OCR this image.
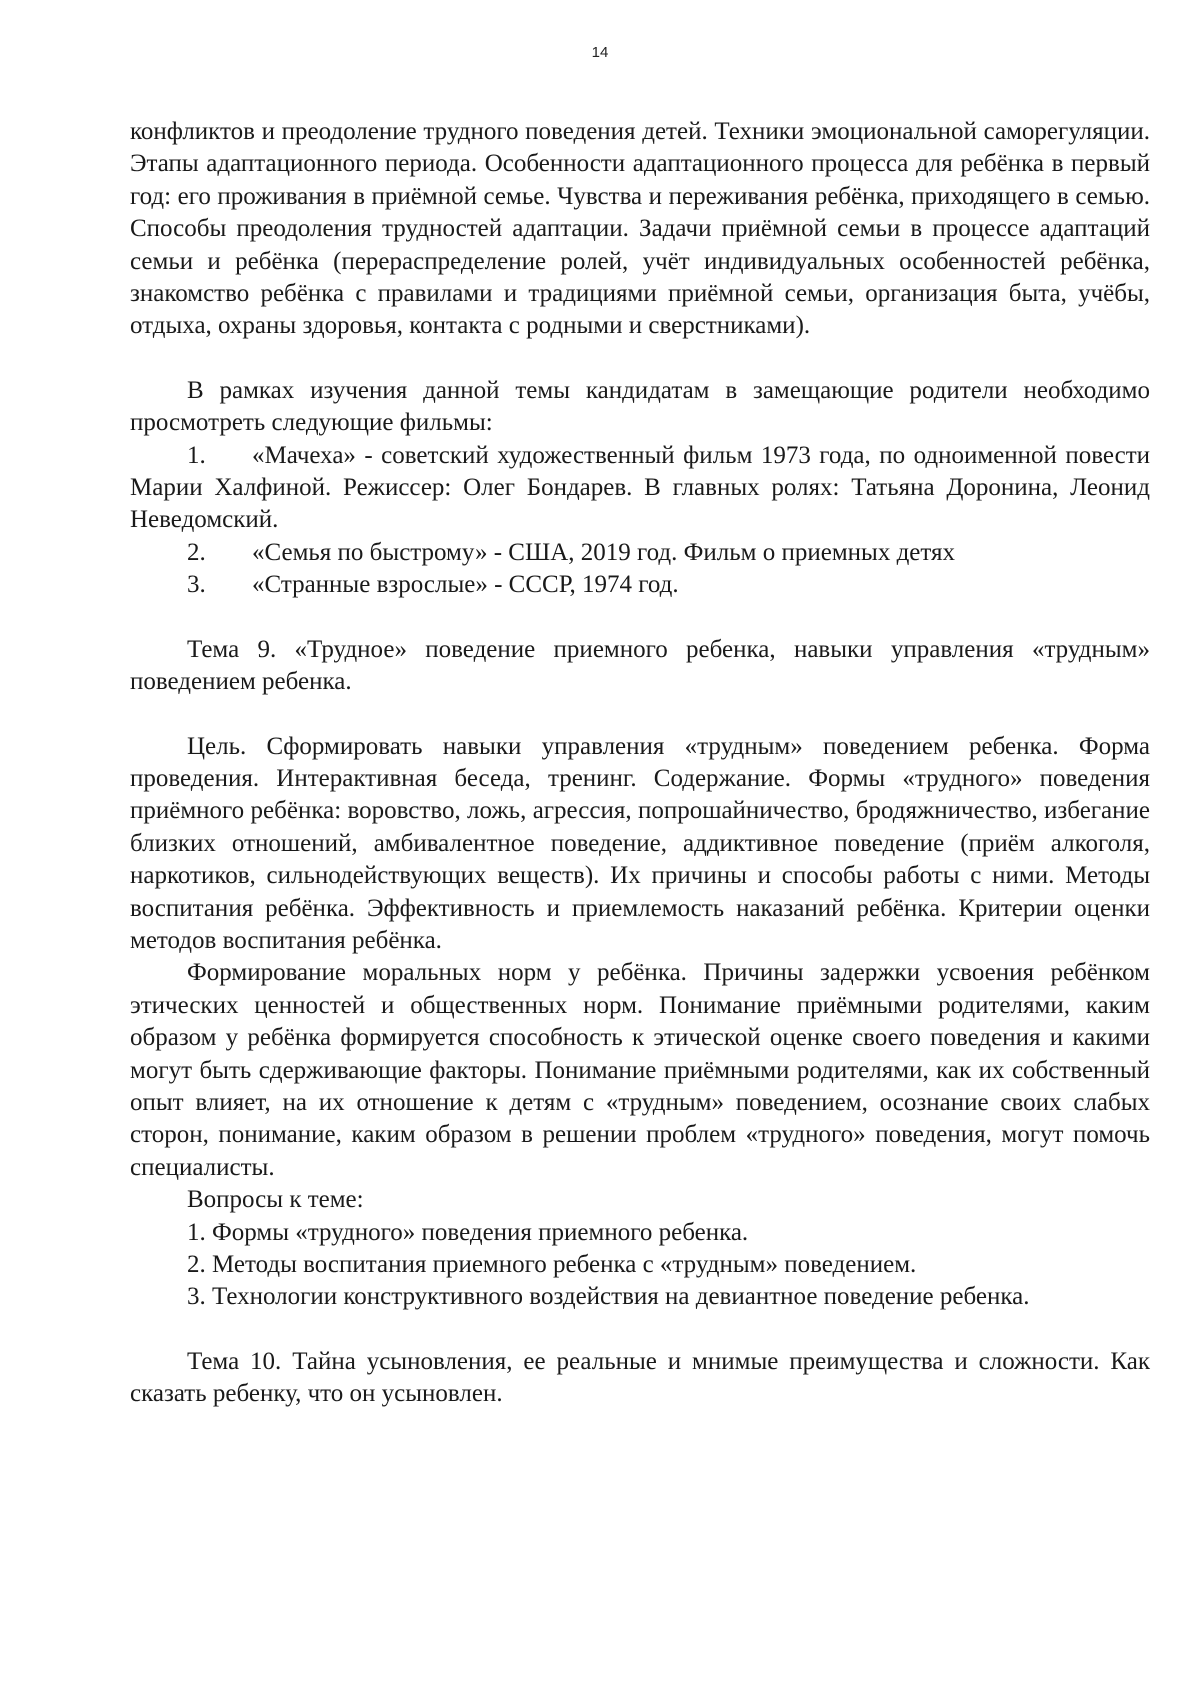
14

конфликтов и преодоление трудного поведения детей. Техники эмоциональной саморегуляции. Этапы адаптационного периода. Особенности адаптационного процесса для ребёнка в первый год: его проживания в приёмной семье. Чувства и переживания ребёнка, приходящего в семью. Способы преодоления трудностей адаптации. Задачи приёмной семьи в процессе адаптаций семьи и ребёнка (перераспределение ролей, учёт индивидуальных особенностей ребёнка, знакомство ребёнка с правилами и традициями приёмной семьи, организация быта, учёбы, отдыха, охраны здоровья, контакта с родными и сверстниками).

В рамках изучения данной темы кандидатам в замещающие родители необходимо просмотреть следующие фильмы:

1. «Мачеха» - советский художественный фильм 1973 года, по одноименной повести Марии Халфиной. Режиссер: Олег Бондарев. В главных ролях: Татьяна Доронина, Леонид Неведомский.

2. «Семья по быстрому» - США, 2019 год. Фильм о приемных детях

3. «Странные взрослые» - СССР, 1974 год.

Тема 9. «Трудное» поведение приемного ребенка, навыки управления «трудным» поведением ребенка.

Цель. Сформировать навыки управления «трудным» поведением ребенка. Форма проведения. Интерактивная беседа, тренинг. Содержание. Формы «трудного» поведения приёмного ребёнка: воровство, ложь, агрессия, попрошайничество, бродяжничество, избегание близких отношений, амбивалентное поведение, аддиктивное поведение (приём алкоголя, наркотиков, сильнодействующих веществ). Их причины и способы работы с ними. Методы воспитания ребёнка. Эффективность и приемлемость наказаний ребёнка. Критерии оценки методов воспитания ребёнка.

Формирование моральных норм у ребёнка. Причины задержки усвоения ребёнком этических ценностей и общественных норм. Понимание приёмными родителями, каким образом у ребёнка формируется способность к этической оценке своего поведения и какими могут быть сдерживающие факторы. Понимание приёмными родителями, как их собственный опыт влияет, на их отношение к детям с «трудным» поведением, осознание своих слабых сторон, понимание, каким образом в решении проблем «трудного» поведения, могут помочь специалисты.

Вопросы к теме:

1. Формы «трудного» поведения приемного ребенка.

2. Методы воспитания приемного ребенка с «трудным» поведением.

3. Технологии конструктивного воздействия на девиантное поведение ребенка.

Тема 10. Тайна усыновления, ее реальные и мнимые преимущества и сложности. Как сказать ребенку, что он усыновлен.
